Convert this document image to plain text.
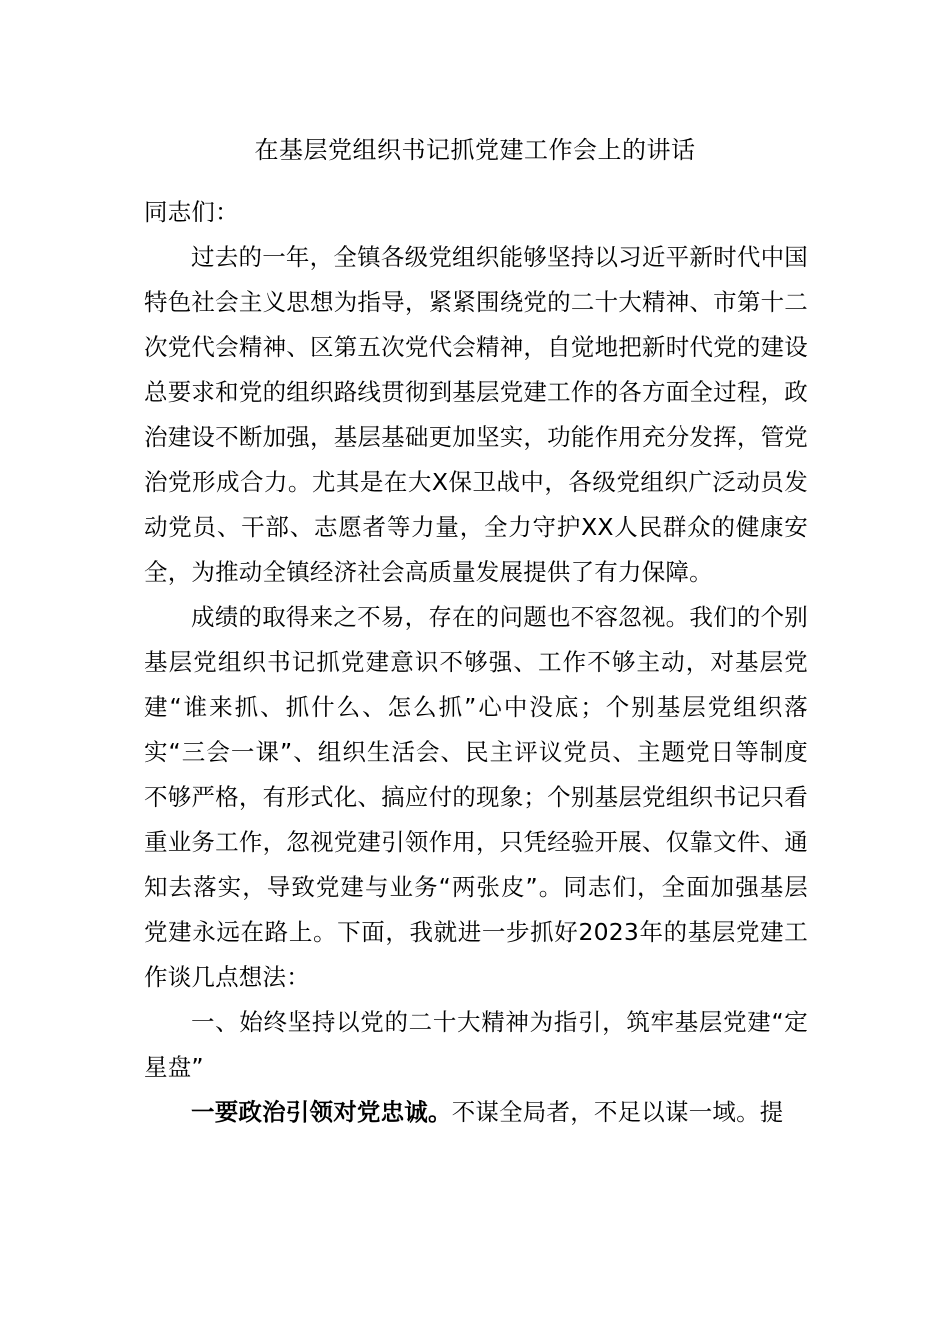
在基层党组织书记抓党建工作会上的讲话

同志们：

过去的一年，全镇各级党组织能够坚持以习近平新时代中国特色社会主义思想为指导，紧紧围绕党的二十大精神、市第十二次党代会精神、区第五次党代会精神，自觉地把新时代党的建设总要求和党的组织路线贯彻到基层党建工作的各方面全过程，政治建设不断加强，基层基础更加坚实，功能作用充分发挥，管党治党形成合力。尤其是在大X保卫战中，各级党组织广泛动员发动党员、干部、志愿者等力量，全力守护XX人民群众的健康安全，为推动全镇经济社会高质量发展提供了有力保障。

成绩的取得来之不易，存在的问题也不容忽视。我们的个别基层党组织书记抓党建意识不够强、工作不够主动，对基层党建“谁来抓、抓什么、怎么抓”心中没底；个别基层党组织落实“三会一课”、组织生活会、民主评议党员、主题党日等制度不够严格，有形式化、搞应付的现象；个别基层党组织书记只看重业务工作，忽视党建引领作用，只凭经验开展、仅靠文件、通知去落实，导致党建与业务“两张皮”。同志们，全面加强基层党建永远在路上。下面，我就进一步抓好2023年的基层党建工作谈几点想法：

一、始终坚持以党的二十大精神为指引，筑牢基层党建“定星盘”

一要政治引领对党忠诚。不谋全局者，不足以谋一域。提
